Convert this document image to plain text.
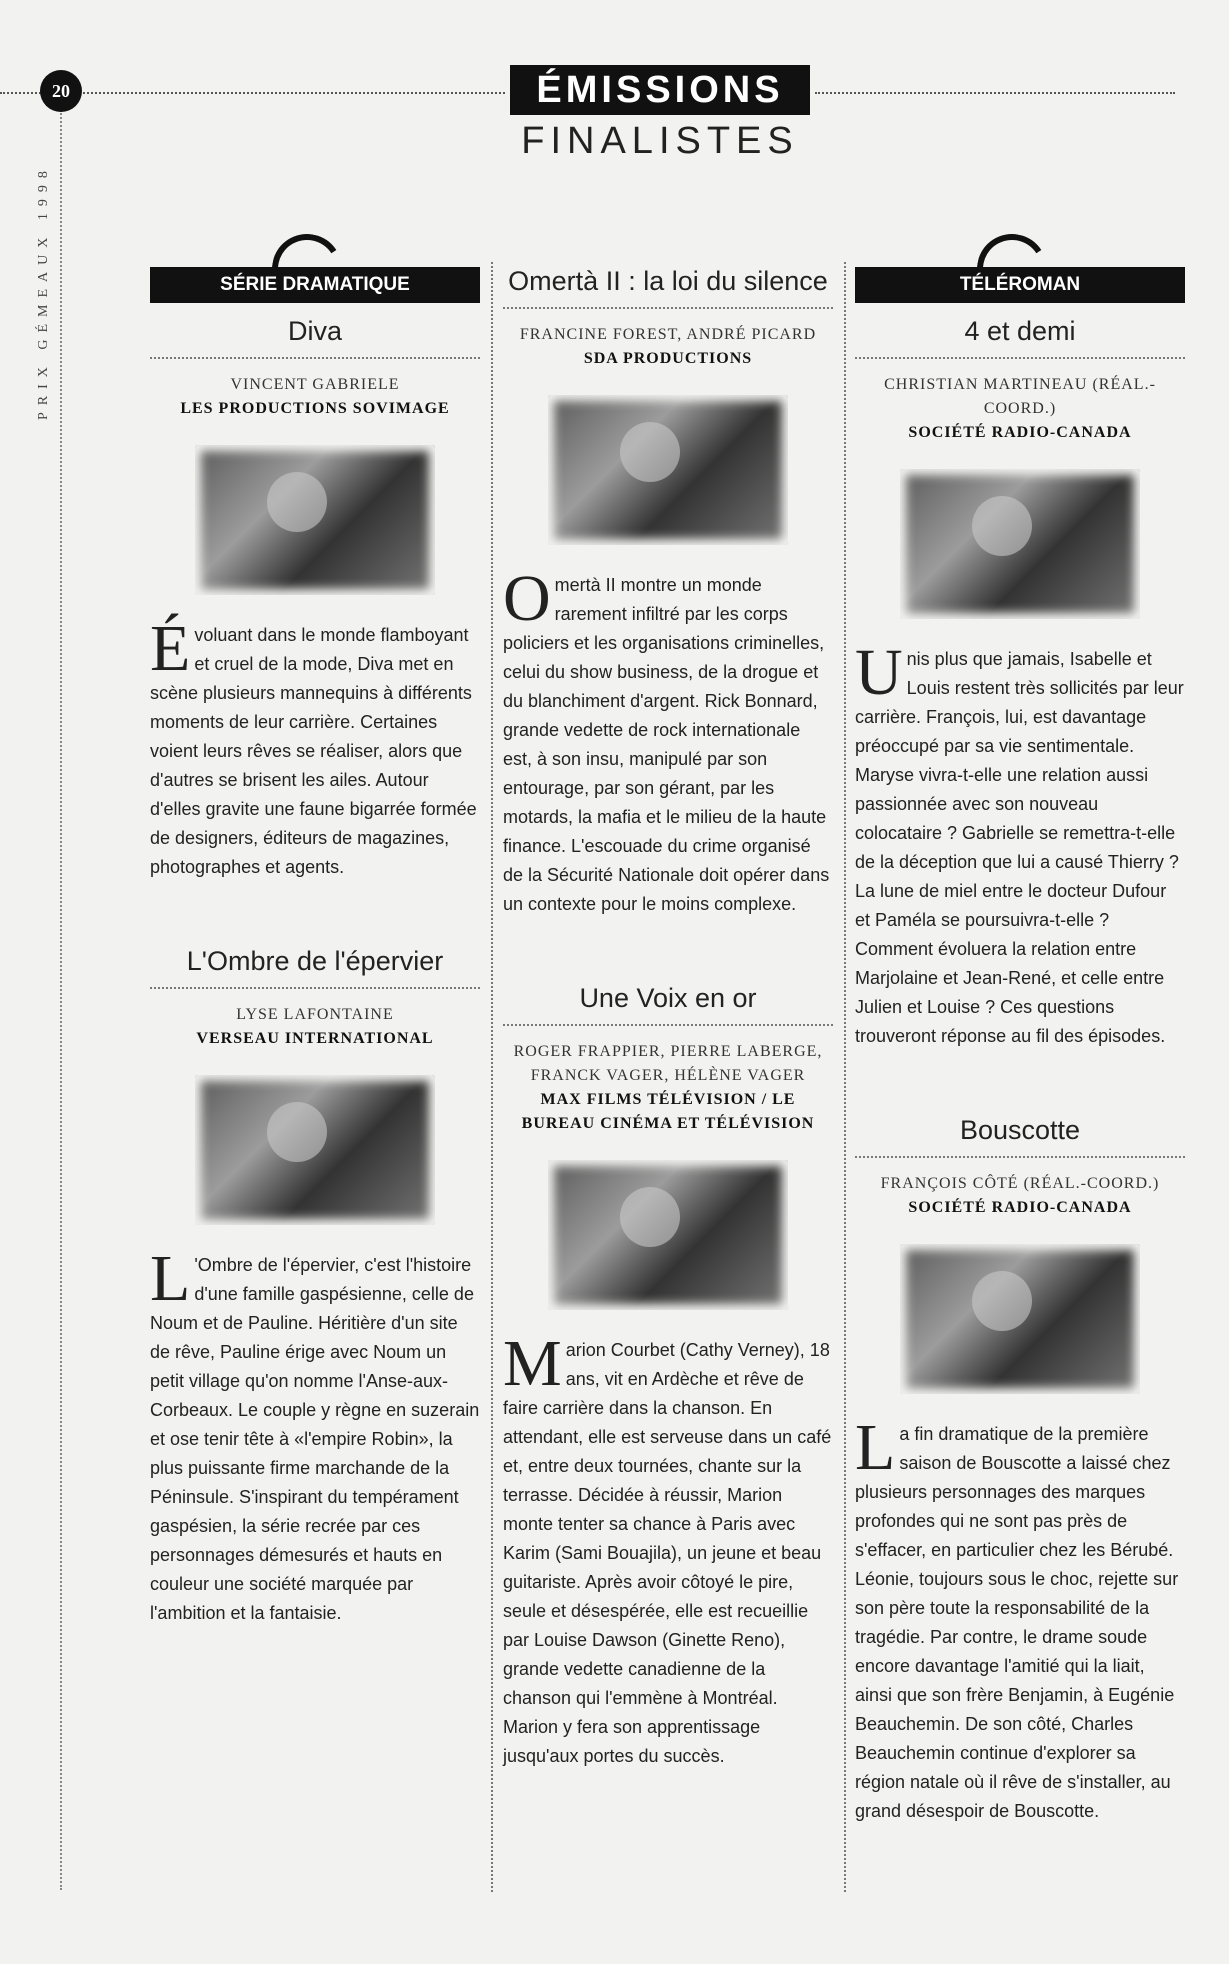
20
PRIX GÉMEAUX 1998
ÉMISSIONS
FINALISTES
SÉRIE DRAMATIQUE
Diva
VINCENT GABRIELE
LES PRODUCTIONS SOVIMAGE
Évoluant dans le monde flamboyant et cruel de la mode, Diva met en scène plusieurs mannequins à différents moments de leur carrière. Certaines voient leurs rêves se réaliser, alors que d'autres se brisent les ailes. Autour d'elles gravite une faune bigarrée formée de designers, éditeurs de magazines, photographes et agents.
L'Ombre de l'épervier
LYSE LAFONTAINE
VERSEAU INTERNATIONAL
L 'Ombre de l'épervier, c'est l'histoire d'une famille gaspésienne, celle de Noum et de Pauline. Héritière d'un site de rêve, Pauline érige avec Noum un petit village qu'on nomme l'Anse-aux-Corbeaux. Le couple y règne en suzerain et ose tenir tête à «l'empire Robin», la plus puissante firme marchande de la Péninsule. S'inspirant du tempérament gaspésien, la série recrée par ces personnages démesurés et hauts en couleur une société marquée par l'ambition et la fantaisie.
Omertà II : la loi du silence
FRANCINE FOREST, ANDRÉ PICARD
SDA PRODUCTIONS
Omertà II montre un monde rarement infiltré par les corps policiers et les organisations criminelles, celui du show business, de la drogue et du blanchiment d'argent. Rick Bonnard, grande vedette de rock internationale est, à son insu, manipulé par son entourage, par son gérant, par les motards, la mafia et le milieu de la haute finance. L'escouade du crime organisé de la Sécurité Nationale doit opérer dans un contexte pour le moins complexe.
Une Voix en or
ROGER FRAPPIER, PIERRE LABERGE, FRANCK VAGER, HÉLÈNE VAGER
MAX FILMS TÉLÉVISION / LE BUREAU CINÉMA ET TÉLÉVISION
Marion Courbet (Cathy Verney), 18 ans, vit en Ardèche et rêve de faire carrière dans la chanson. En attendant, elle est serveuse dans un café et, entre deux tournées, chante sur la terrasse. Décidée à réussir, Marion monte tenter sa chance à Paris avec Karim (Sami Bouajila), un jeune et beau guitariste. Après avoir côtoyé le pire, seule et désespérée, elle est recueillie par Louise Dawson (Ginette Reno), grande vedette canadienne de la chanson qui l'emmène à Montréal. Marion y fera son apprentissage jusqu'aux portes du succès.
TÉLÉROMAN
4 et demi
CHRISTIAN MARTINEAU (RÉAL.-COORD.)
SOCIÉTÉ RADIO-CANADA
Unis plus que jamais, Isabelle et Louis restent très sollicités par leur carrière. François, lui, est davantage préoccupé par sa vie sentimentale. Maryse vivra-t-elle une relation aussi passionnée avec son nouveau colocataire ? Gabrielle se remettra-t-elle de la déception que lui a causé Thierry ? La lune de miel entre le docteur Dufour et Paméla se poursuivra-t-elle ? Comment évoluera la relation entre Marjolaine et Jean-René, et celle entre Julien et Louise ? Ces questions trouveront réponse au fil des épisodes.
Bouscotte
FRANÇOIS CÔTÉ (RÉAL.-COORD.)
SOCIÉTÉ RADIO-CANADA
La fin dramatique de la première saison de Bouscotte a laissé chez plusieurs personnages des marques profondes qui ne sont pas près de s'effacer, en particulier chez les Bérubé. Léonie, toujours sous le choc, rejette sur son père toute la responsabilité de la tragédie. Par contre, le drame soude encore davantage l'amitié qui la liait, ainsi que son frère Benjamin, à Eugénie Beauchemin. De son côté, Charles Beauchemin continue d'explorer sa région natale où il rêve de s'installer, au grand désespoir de Bouscotte.
